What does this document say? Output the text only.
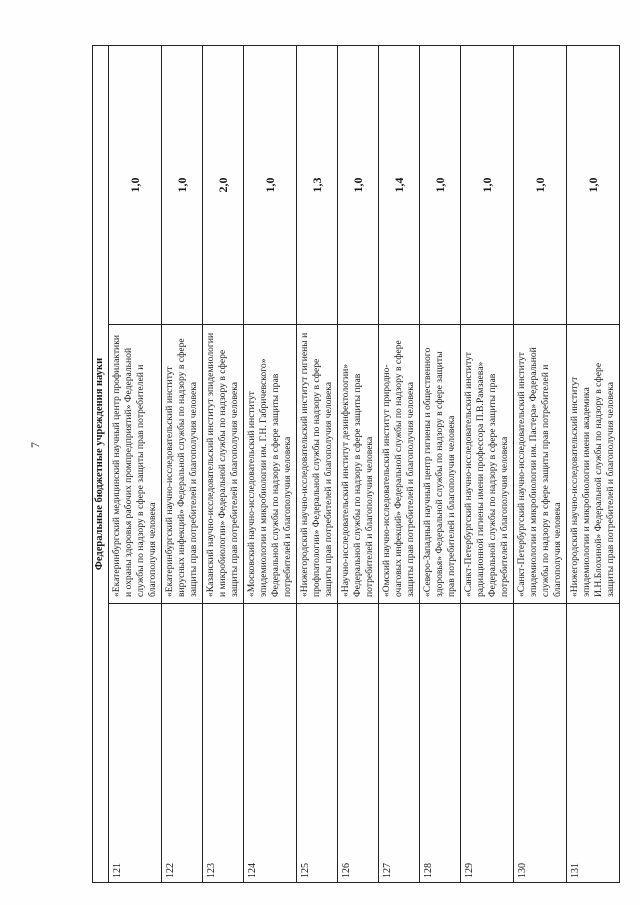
7	Федеральные бюджетные учреждения науки		
121	«Екатеринбургский медицинский научный центр профилактики и охраны здоровья рабочих промпредприятий» Федеральной службы по надзору в сфере защиты прав потребителей и благополучия человека	1,0
122	«Екатеринбургский научно-исследовательский институт вирусных инфекций» Федеральной службы по надзору в сфере защиты прав потребителей и благополучия человека	1,0
123	«Казанский научно-исследовательский институт эпидемиологии и микробиологии» Федеральной службы по надзору в сфере защиты прав потребителей и благополучия человека	2,0
124	«Московский научно-исследовательский институт эпидемиологии и микробиологии им. Г.Н. Габричевского» Федеральной службы по надзору в сфере защиты прав потребителей и благополучия человека	1,0
125	«Нижегородский научно-исследовательский институт гигиены и профпатологии» Федеральной службы по надзору в сфере защиты прав потребителей и благополучия человека	1,3
126	«Научно-исследовательский институт дезинфектологии» Федеральной службы по надзору в сфере защиты прав потребителей и благополучия человека	1,0
127	«Омский научно-исследовательский институт природно-очаговых инфекций» Федеральной службы по надзору в сфере защиты прав потребителей и благополучия человека	1,4
128	«Северо-Западный научный центр гигиены и общественного здоровья» Федеральной службы по надзору в сфере защиты прав потребителей и благополучия человека	1,0
129	«Санкт-Петербургский научно-исследовательский институт радиационной гигиены имени профессора П.В.Рамзаева» Федеральной службы по надзору в сфере защиты прав потребителей и благополучия человека	1,0
130	«Санкт-Петербургский научно-исследовательский институт эпидемиологии и микробиологии им. Пастера» Федеральной службы по надзору в сфере защиты прав потребителей и благополучия человека	1,0
131	«Нижегородский научно-исследовательский институт эпидемиологии и микробиологии имени академика И.Н.Блохиной» Федеральной службы по надзору в сфере защиты прав потребителей и благополучия человека	1,0
